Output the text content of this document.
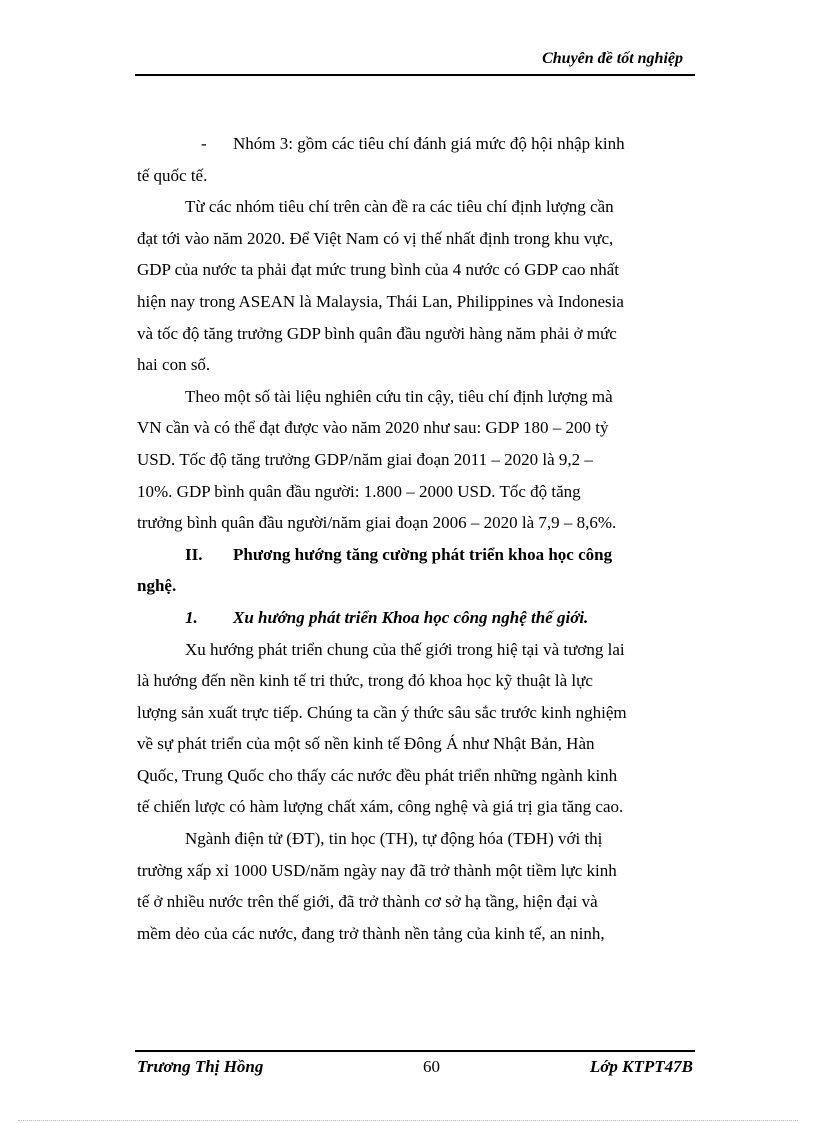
Chuyên đề tốt nghiệp
- Nhóm 3: gồm các tiêu chí đánh giá mức độ hội nhập kinh
tế quốc tế.
Từ các nhóm tiêu chí trên càn đề ra các tiêu chí định lượng cần
đạt tới vào năm 2020. Để Việt Nam có vị thế nhất định trong khu vực,
GDP của nước ta phải đạt mức trung bình của 4 nước có GDP cao nhất
hiện nay trong ASEAN là Malaysia, Thái Lan, Philippines và Indonesia
và tốc độ tăng trưởng GDP bình quân đầu người hàng năm phải ở mức
hai con số.
Theo một số tài liệu nghiên cứu tin cậy, tiêu chí định lượng mà
VN cần và có thể đạt được vào năm 2020 như sau: GDP 180 – 200 tỷ
USD. Tốc độ tăng trưởng GDP/năm giai đoạn 2011 – 2020 là 9,2 –
10%. GDP bình quân đầu người: 1.800 – 2000 USD. Tốc độ tăng
trưởng bình quân đầu người/năm giai đoạn 2006 – 2020 là 7,9 – 8,6%.
II. Phương hướng tăng cường phát triển khoa học công
nghệ.
1. Xu hướng phát triển Khoa học công nghệ thế giới.
Xu hướng phát triển chung của thế giới trong hiệ tại và tương lai
là hướng đến nền kinh tế tri thức, trong đó khoa học kỹ thuật là lực
lượng sản xuất trực tiếp. Chúng ta cần ý thức sâu sắc trước kinh nghiệm
về sự phát triển của một số nền kinh tế Đông Á như Nhật Bản, Hàn
Quốc, Trung Quốc cho thấy các nước đều phát triển những ngành kinh
tế chiến lược có hàm lượng chất xám, công nghệ và giá trị gia tăng cao.
Ngành điện tử (ĐT), tin học (TH), tự động hóa (TĐH) với thị
trường xấp xỉ 1000 USD/năm ngày nay đã trở thành một tiềm lực kinh
tế ở nhiều nước trên thế giới, đã trở thành cơ sở hạ tầng, hiện đại và
mềm dẻo của các nước, đang trở thành nền tảng của kinh tế, an ninh,
Trương Thị Hồng	60	Lớp KTPT47B
